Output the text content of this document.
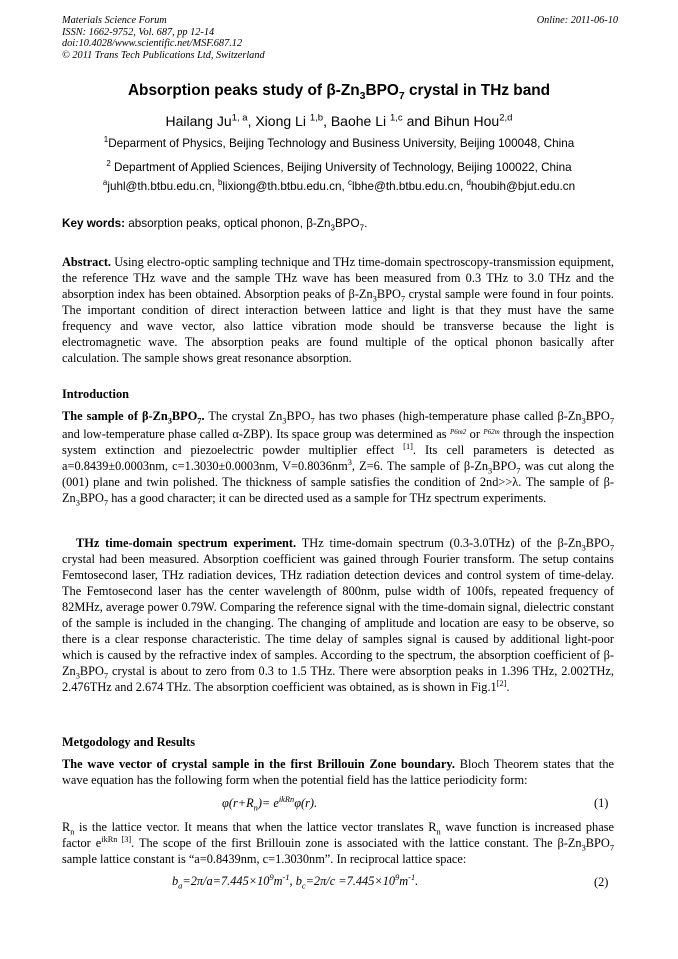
Materials Science Forum
ISSN: 1662-9752, Vol. 687, pp 12-14
doi:10.4028/www.scientific.net/MSF.687.12
© 2011 Trans Tech Publications Ltd, Switzerland
Online: 2011-06-10
Absorption peaks study of $\beta-Zn_3BPO_7$ crystal in THz band
Hailang Ju$^{1, a}$, Xiong Li $^{1,b}$, Baohe Li $^{1,c}$ and Bihun Hou$^{2,d}$
$^1$Deparment of Physics, Beijing Technology and Business University, Beijing 100048, China
$^2$ Department of Applied Sciences, Beijing University of Technology, Beijing 100022, China
$^a$juhl@th.btbu.edu.cn, $^b$lixiong@th.btbu.edu.cn, $^c$lbhe@th.btbu.edu.cn, $^d$houbih@bjut.edu.cn
Key words: absorption peaks, optical phonon, $\beta-Zn_3BPO_7$.
Abstract. Using electro-optic sampling technique and THz time-domain spectroscopy-transmission equipment, the reference THz wave and the sample THz wave has been measured from 0.3 THz to 3.0 THz and the absorption index has been obtained. Absorption peaks of $\beta-Zn_3BPO_7$ crystal sample were found in four points. The important condition of direct interaction between lattice and light is that they must have the same frequency and wave vector, also lattice vibration mode should be transverse because the light is electromagnetic wave. The absorption peaks are found multiple of the optical phonon basically after calculation. The sample shows great resonance absorption.
Introduction
The sample of $\beta-Zn_3BPO_7$. The crystal $Zn_3BPO_7$ has two phases (high-temperature phase called $\beta-Zn_3BPO_7$ and low-temperature phase called α-ZBP). Its space group was determined as $^{P6m2}$ or $^{P62m}$ through the inspection system extinction and piezoelectric powder multiplier effect [1]. Its cell parameters is detected as a=0.8439±0.0003nm, c=1.3030±0.0003nm, $V=0.8036nm^3$, Z=6. The sample of $\beta-Zn_3BPO_7$ was cut along the (001) plane and twin polished. The thickness of sample satisfies the condition of 2nd>>λ. The sample of $\beta-Zn_3BPO_7$ has a good character; it can be directed used as a sample for THz spectrum experiments.
THz time-domain spectrum experiment. THz time-domain spectrum (0.3-3.0THz) of the $\beta-Zn_3BPO_7$ crystal had been measured. Absorption coefficient was gained through Fourier transform. The setup contains Femtosecond laser, THz radiation devices, THz radiation detection devices and control system of time-delay. The Femtosecond laser has the center wavelength of 800nm, pulse width of 100fs, repeated frequency of 82MHz, average power 0.79W. Comparing the reference signal with the time-domain signal, dielectric constant of the sample is included in the changing. The changing of amplitude and location are easy to be observe, so there is a clear response characteristic. The time delay of samples signal is caused by additional light-poor which is caused by the refractive index of samples. According to the spectrum, the absorption coefficient of $\beta-Zn_3BPO_7$ crystal is about to zero from 0.3 to 1.5 THz. There were absorption peaks in 1.396 THz, 2.002THz, 2.476THz and 2.674 THz. The absorption coefficient was obtained, as is shown in Fig.1[2].
Metgodology and Results
The wave vector of crystal sample in the first Brillouin Zone boundary. Bloch Theorem states that the wave equation has the following form when the potential field has the lattice periodicity form:
$\varphi(r+R_n)= e^{ikRn}\varphi(r)$.	(1)
$R_n$ is the lattice vector. It means that when the lattice vector translates $R_n$ wave function is increased phase factor $e^{ikRn}$ [3]. The scope of the first Brillouin zone is associated with the lattice constant. The $\beta-Zn_3BPO_7$ sample lattice constant is “a=0.8439nm, c=1.3030nm”. In reciprocal lattice space:
$b_a=2\pi/a=7.445\times 10^9m^{-1}$, $b_c=2\pi/c =7.445\times 10^9m^{-1}$.	(2)
